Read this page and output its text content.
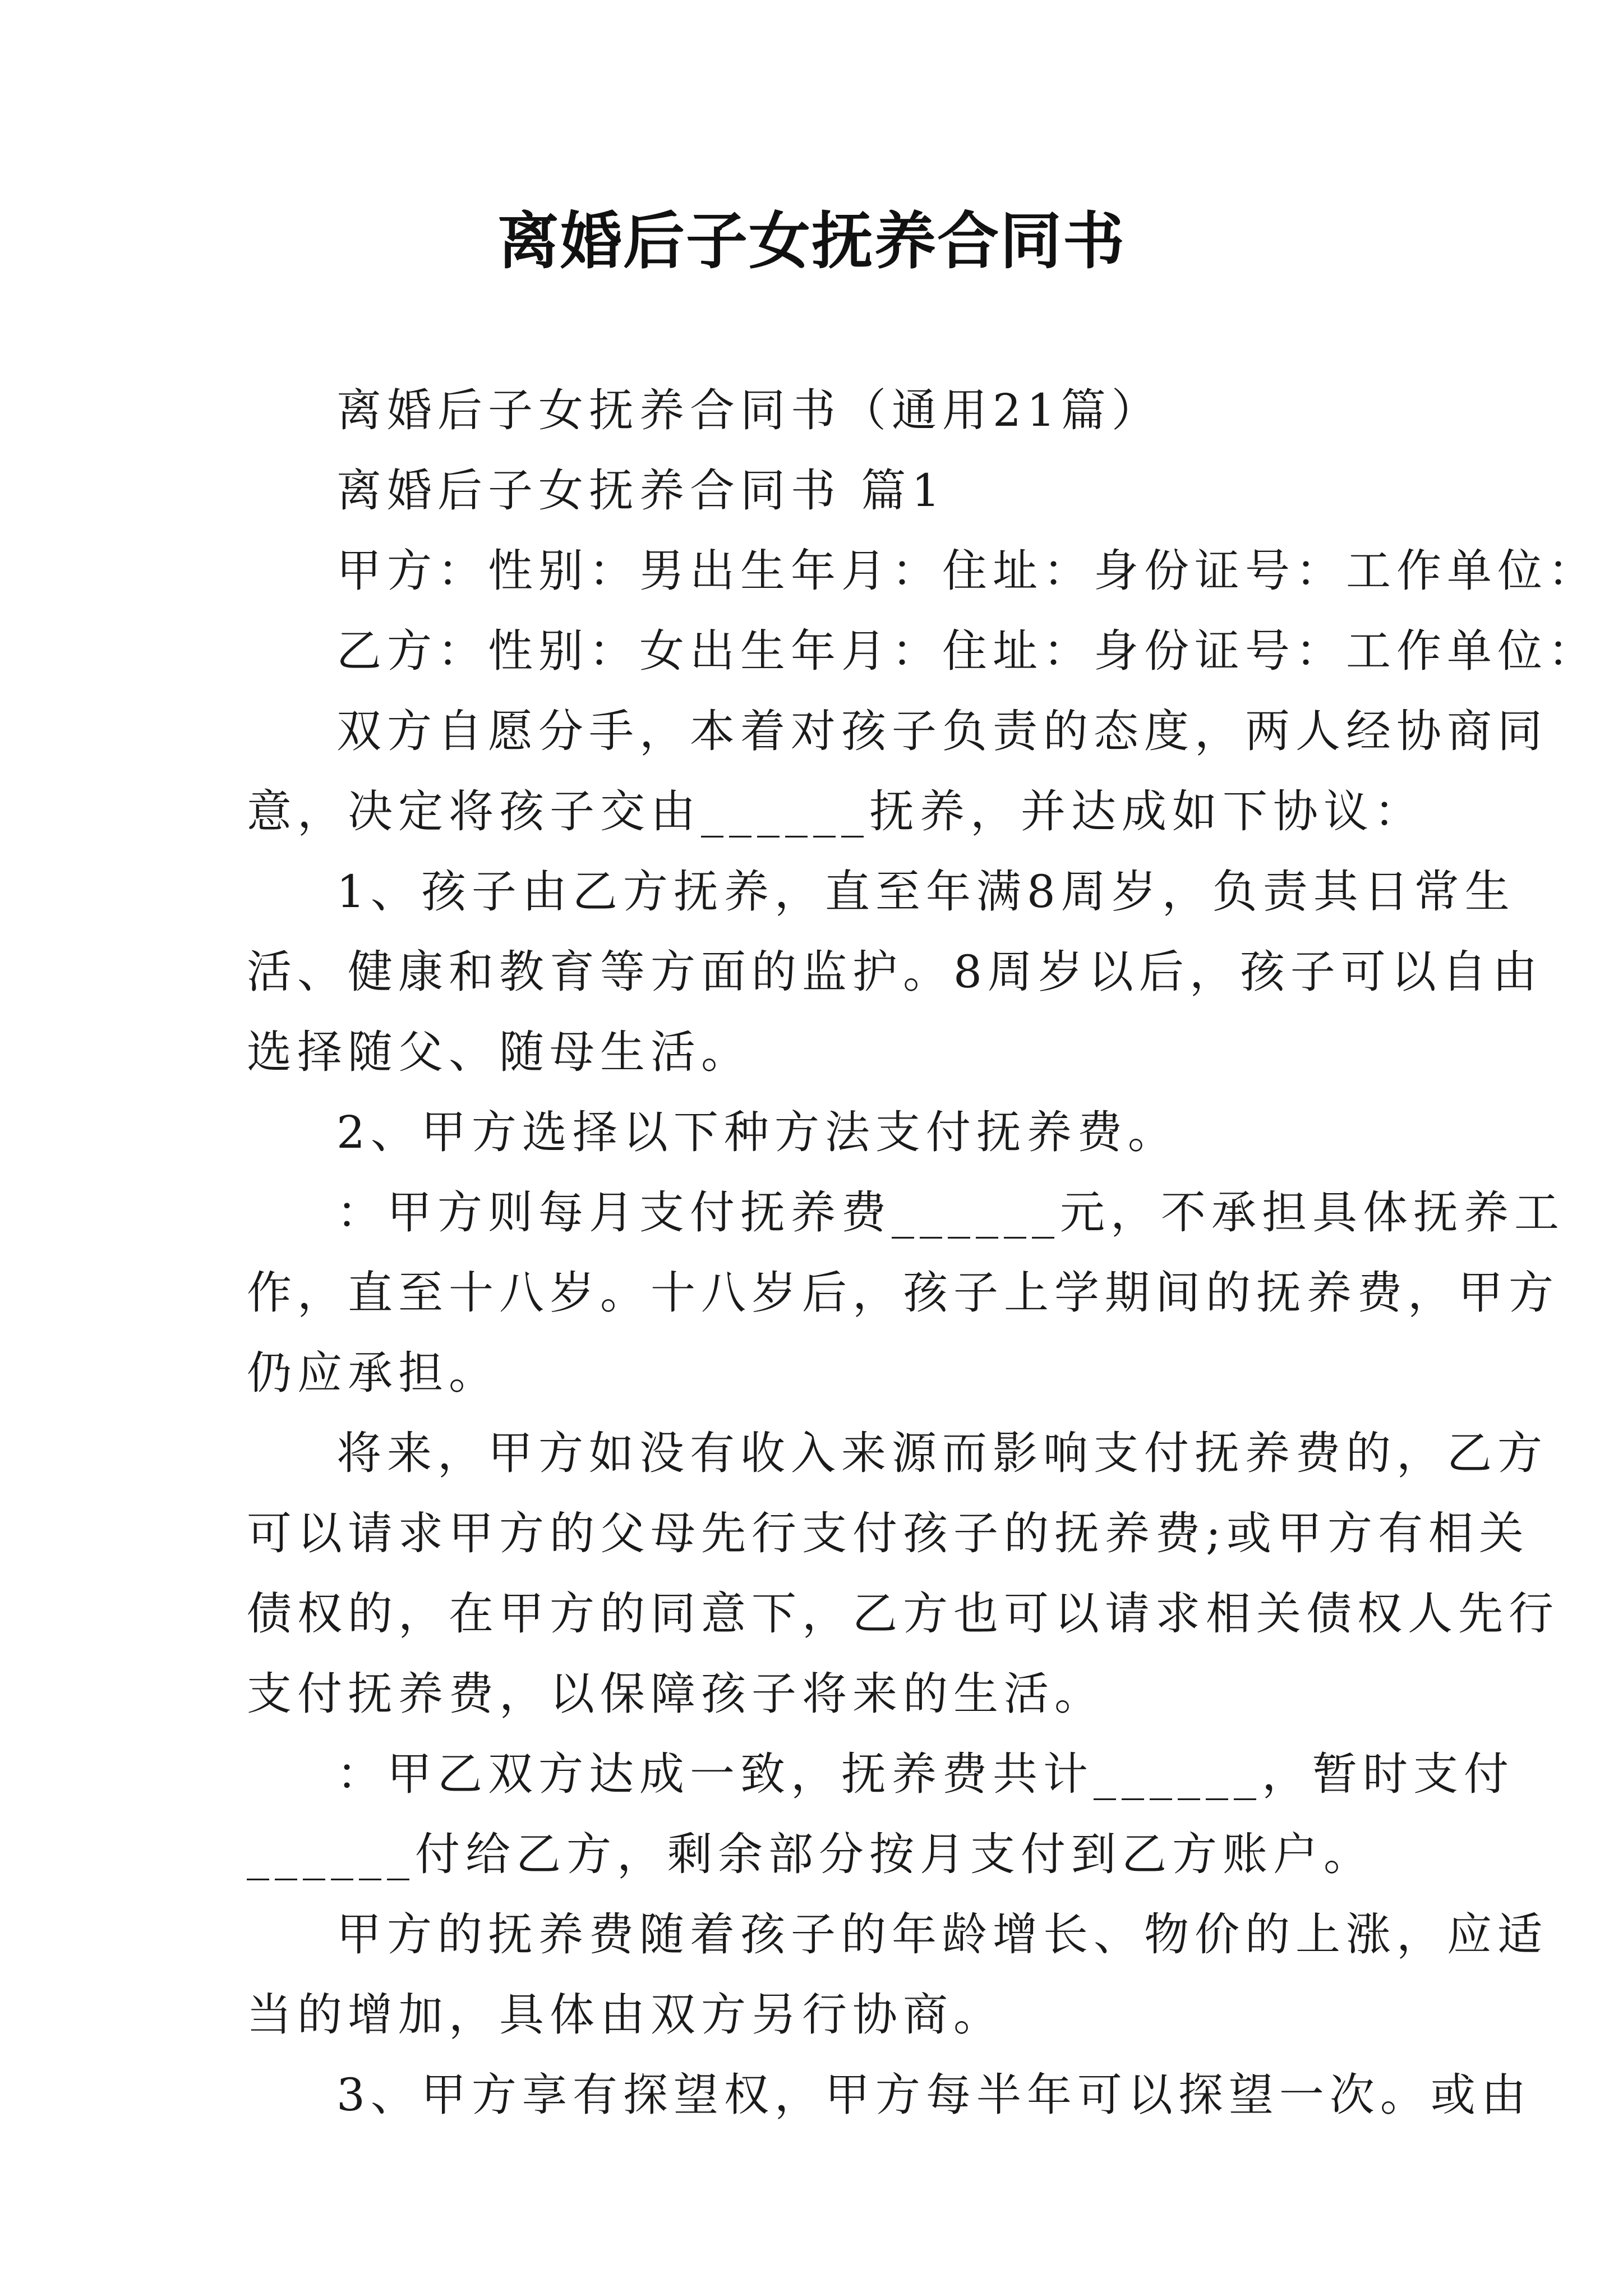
离婚后子女抚养合同书
离婚后子女抚养合同书（通用21篇）
离婚后子女抚养合同书 篇1
甲方：性别：男出生年月：住址：身份证号：工作单位：
乙方：性别：女出生年月：住址：身份证号：工作单位：
双方自愿分手，本着对孩子负责的态度，两人经协商同
意，决定将孩子交由______抚养，并达成如下协议：
1、孩子由乙方抚养，直至年满8周岁，负责其日常生
活、健康和教育等方面的监护。8周岁以后，孩子可以自由
选择随父、随母生活。
2、甲方选择以下种方法支付抚养费。
：甲方则每月支付抚养费______元，不承担具体抚养工
作，直至十八岁。十八岁后，孩子上学期间的抚养费，甲方
仍应承担。
将来，甲方如没有收入来源而影响支付抚养费的，乙方
可以请求甲方的父母先行支付孩子的抚养费;或甲方有相关
债权的，在甲方的同意下，乙方也可以请求相关债权人先行
支付抚养费，以保障孩子将来的生活。
：甲乙双方达成一致，抚养费共计______，暂时支付
______付给乙方，剩余部分按月支付到乙方账户。
甲方的抚养费随着孩子的年龄增长、物价的上涨，应适
当的增加，具体由双方另行协商。
3、甲方享有探望权，甲方每半年可以探望一次。或由
